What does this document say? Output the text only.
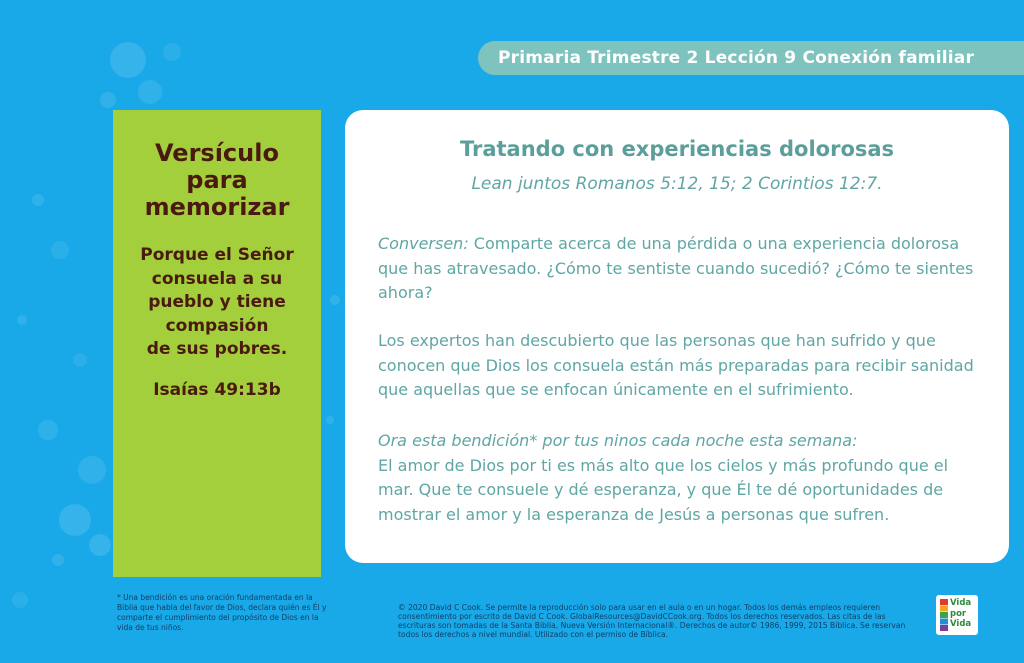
Primaria Trimestre 2 Lección 9 Conexión familiar
Versículo
para
memorizar
Porque el Señor
consuela a su
pueblo y tiene
compasión
de sus pobres.
Isaías 49:13b
Tratando con experiencias dolorosas
Lean juntos Romanos 5:12, 15; 2 Corintios 12:7.
Conversen: Comparte acerca de una pérdida o una experiencia dolorosa que has atravesado. ¿Cómo te sentiste cuando sucedió? ¿Cómo te sientes ahora?
Los expertos han descubierto que las personas que han sufrido y que conocen que Dios los consuela están más preparadas para recibir sanidad que aquellas que se enfocan únicamente en el sufrimiento.
Ora esta bendición* por tus ninos cada noche esta semana:
El amor de Dios por ti es más alto que los cielos y más profundo que el mar. Que te consuele y dé esperanza, y que Él te dé oportunidades de mostrar el amor y la esperanza de Jesús a personas que sufren.
* Una bendición es una oración fundamentada en la Biblia que habla del favor de Dios, declara quién es Él y comparte el cumplimiento del propósito de Dios en la vida de tus niños.
© 2020 David C Cook. Se permite la reproducción solo para usar en el aula o en un hogar. Todos los demás empleos requieren consentimiento por escrito de David C Cook. GlobalResources@DavidCCook.org. Todos los derechos reservados. Las citas de las escrituras son tomadas de la Santa Biblia, Nueva Versión Internacional®. Derechos de autor© 1986, 1999, 2015 Bíblica. Se reservan todos los derechos a nivel mundial. Utilizado con el permiso de Bíblica.
Vida
por
Vida
